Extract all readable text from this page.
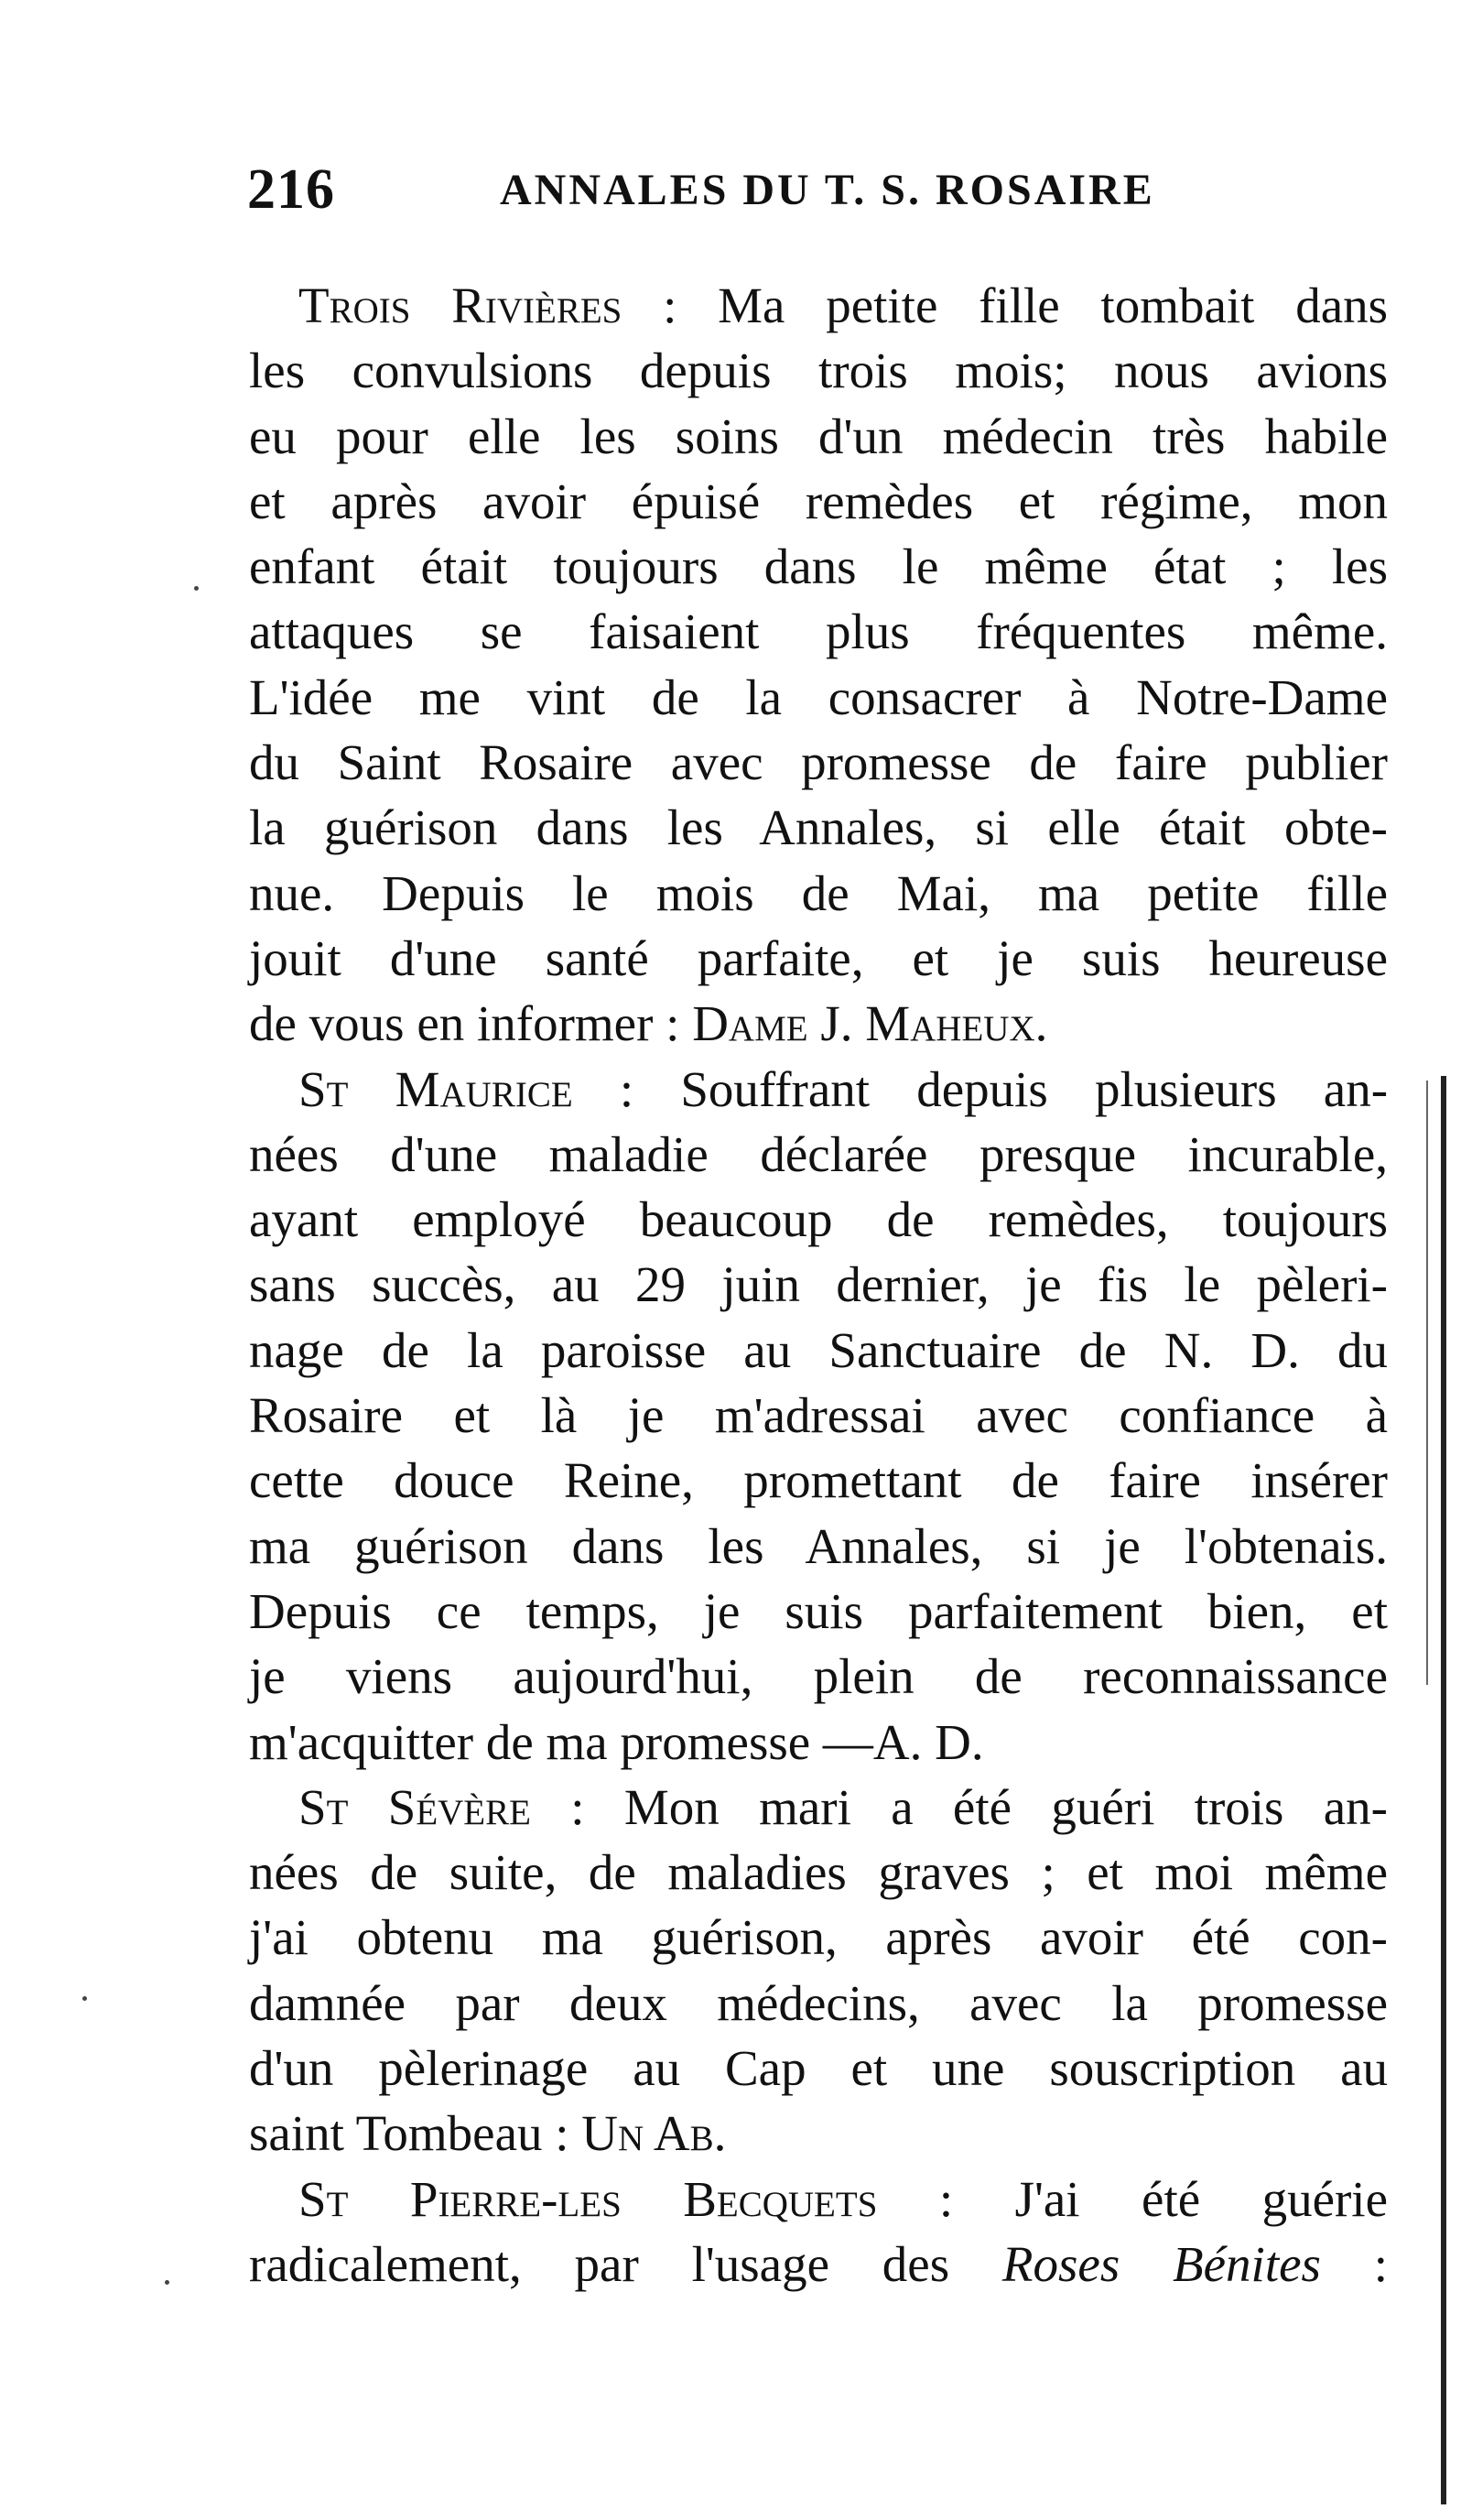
216	ANNALES DU T. S. ROSAIRE
Trois Rivières : Ma petite fille tombait dans
les convulsions depuis trois mois; nous avions
eu pour elle les soins d'un médecin très habile
et après avoir épuisé remèdes et régime, mon
enfant était toujours dans le même état ; les
attaques se faisaient plus fréquentes même.
L'idée me vint de la consacrer à Notre-Dame
du Saint Rosaire avec promesse de faire publier
la guérison dans les Annales, si elle était obte-
nue. Depuis le mois de Mai, ma petite fille
jouit d'une santé parfaite, et je suis heureuse
de vous en informer : Dame J. Maheux.
St Maurice : Souffrant depuis plusieurs an-
nées d'une maladie déclarée presque incurable,
ayant employé beaucoup de remèdes, toujours
sans succès, au 29 juin dernier, je fis le pèleri-
nage de la paroisse au Sanctuaire de N. D. du
Rosaire et là je m'adressai avec confiance à
cette douce Reine, promettant de faire insérer
ma guérison dans les Annales, si je l'obtenais.
Depuis ce temps, je suis parfaitement bien, et
je viens aujourd'hui, plein de reconnaissance
m'acquitter de ma promesse —A. D.
St Sévère : Mon mari a été guéri trois an-
nées de suite, de maladies graves ; et moi même
j'ai obtenu ma guérison, après avoir été con-
damnée par deux médecins, avec la promesse
d'un pèlerinage au Cap et une souscription au
saint Tombeau : Un Ab.
St Pierre-les Becquets : J'ai été guérie
radicalement, par l'usage des Roses Bénites :
